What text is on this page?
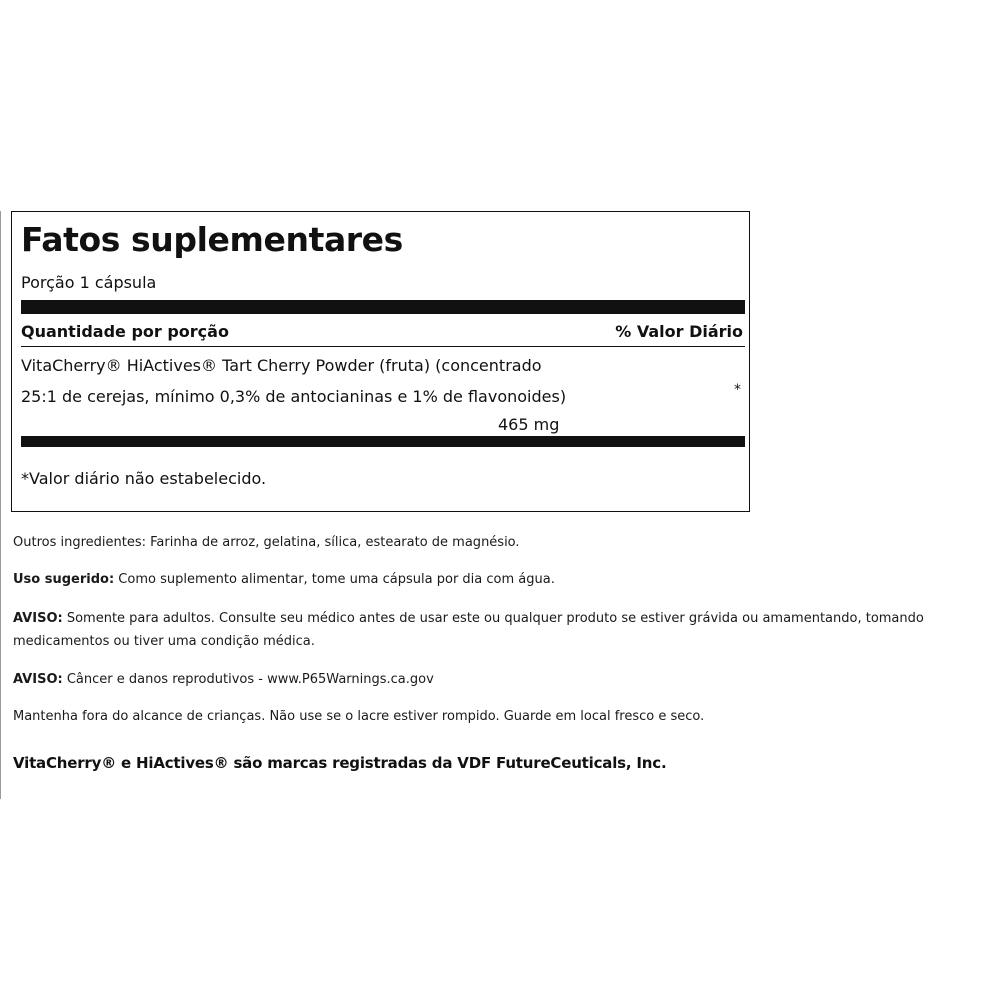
Fatos suplementares
Porção 1 cápsula
Quantidade por porção	% Valor Diário
VitaCherry® HiActives® Tart Cherry Powder (fruta) (concentrado
25:1 de cerejas, mínimo 0,3% de antocianinas e 1% de flavonoides)	*
465 mg
*Valor diário não estabelecido.
Outros ingredientes: Farinha de arroz, gelatina, sílica, estearato de magnésio.
Uso sugerido: Como suplemento alimentar, tome uma cápsula por dia com água.
AVISO: Somente para adultos. Consulte seu médico antes de usar este ou qualquer produto se estiver grávida ou amamentando, tomando medicamentos ou tiver uma condição médica.
AVISO: Câncer e danos reprodutivos - www.P65Warnings.ca.gov
Mantenha fora do alcance de crianças. Não use se o lacre estiver rompido. Guarde em local fresco e seco.
VitaCherry® e HiActives® são marcas registradas da VDF FutureCeuticals, Inc.
